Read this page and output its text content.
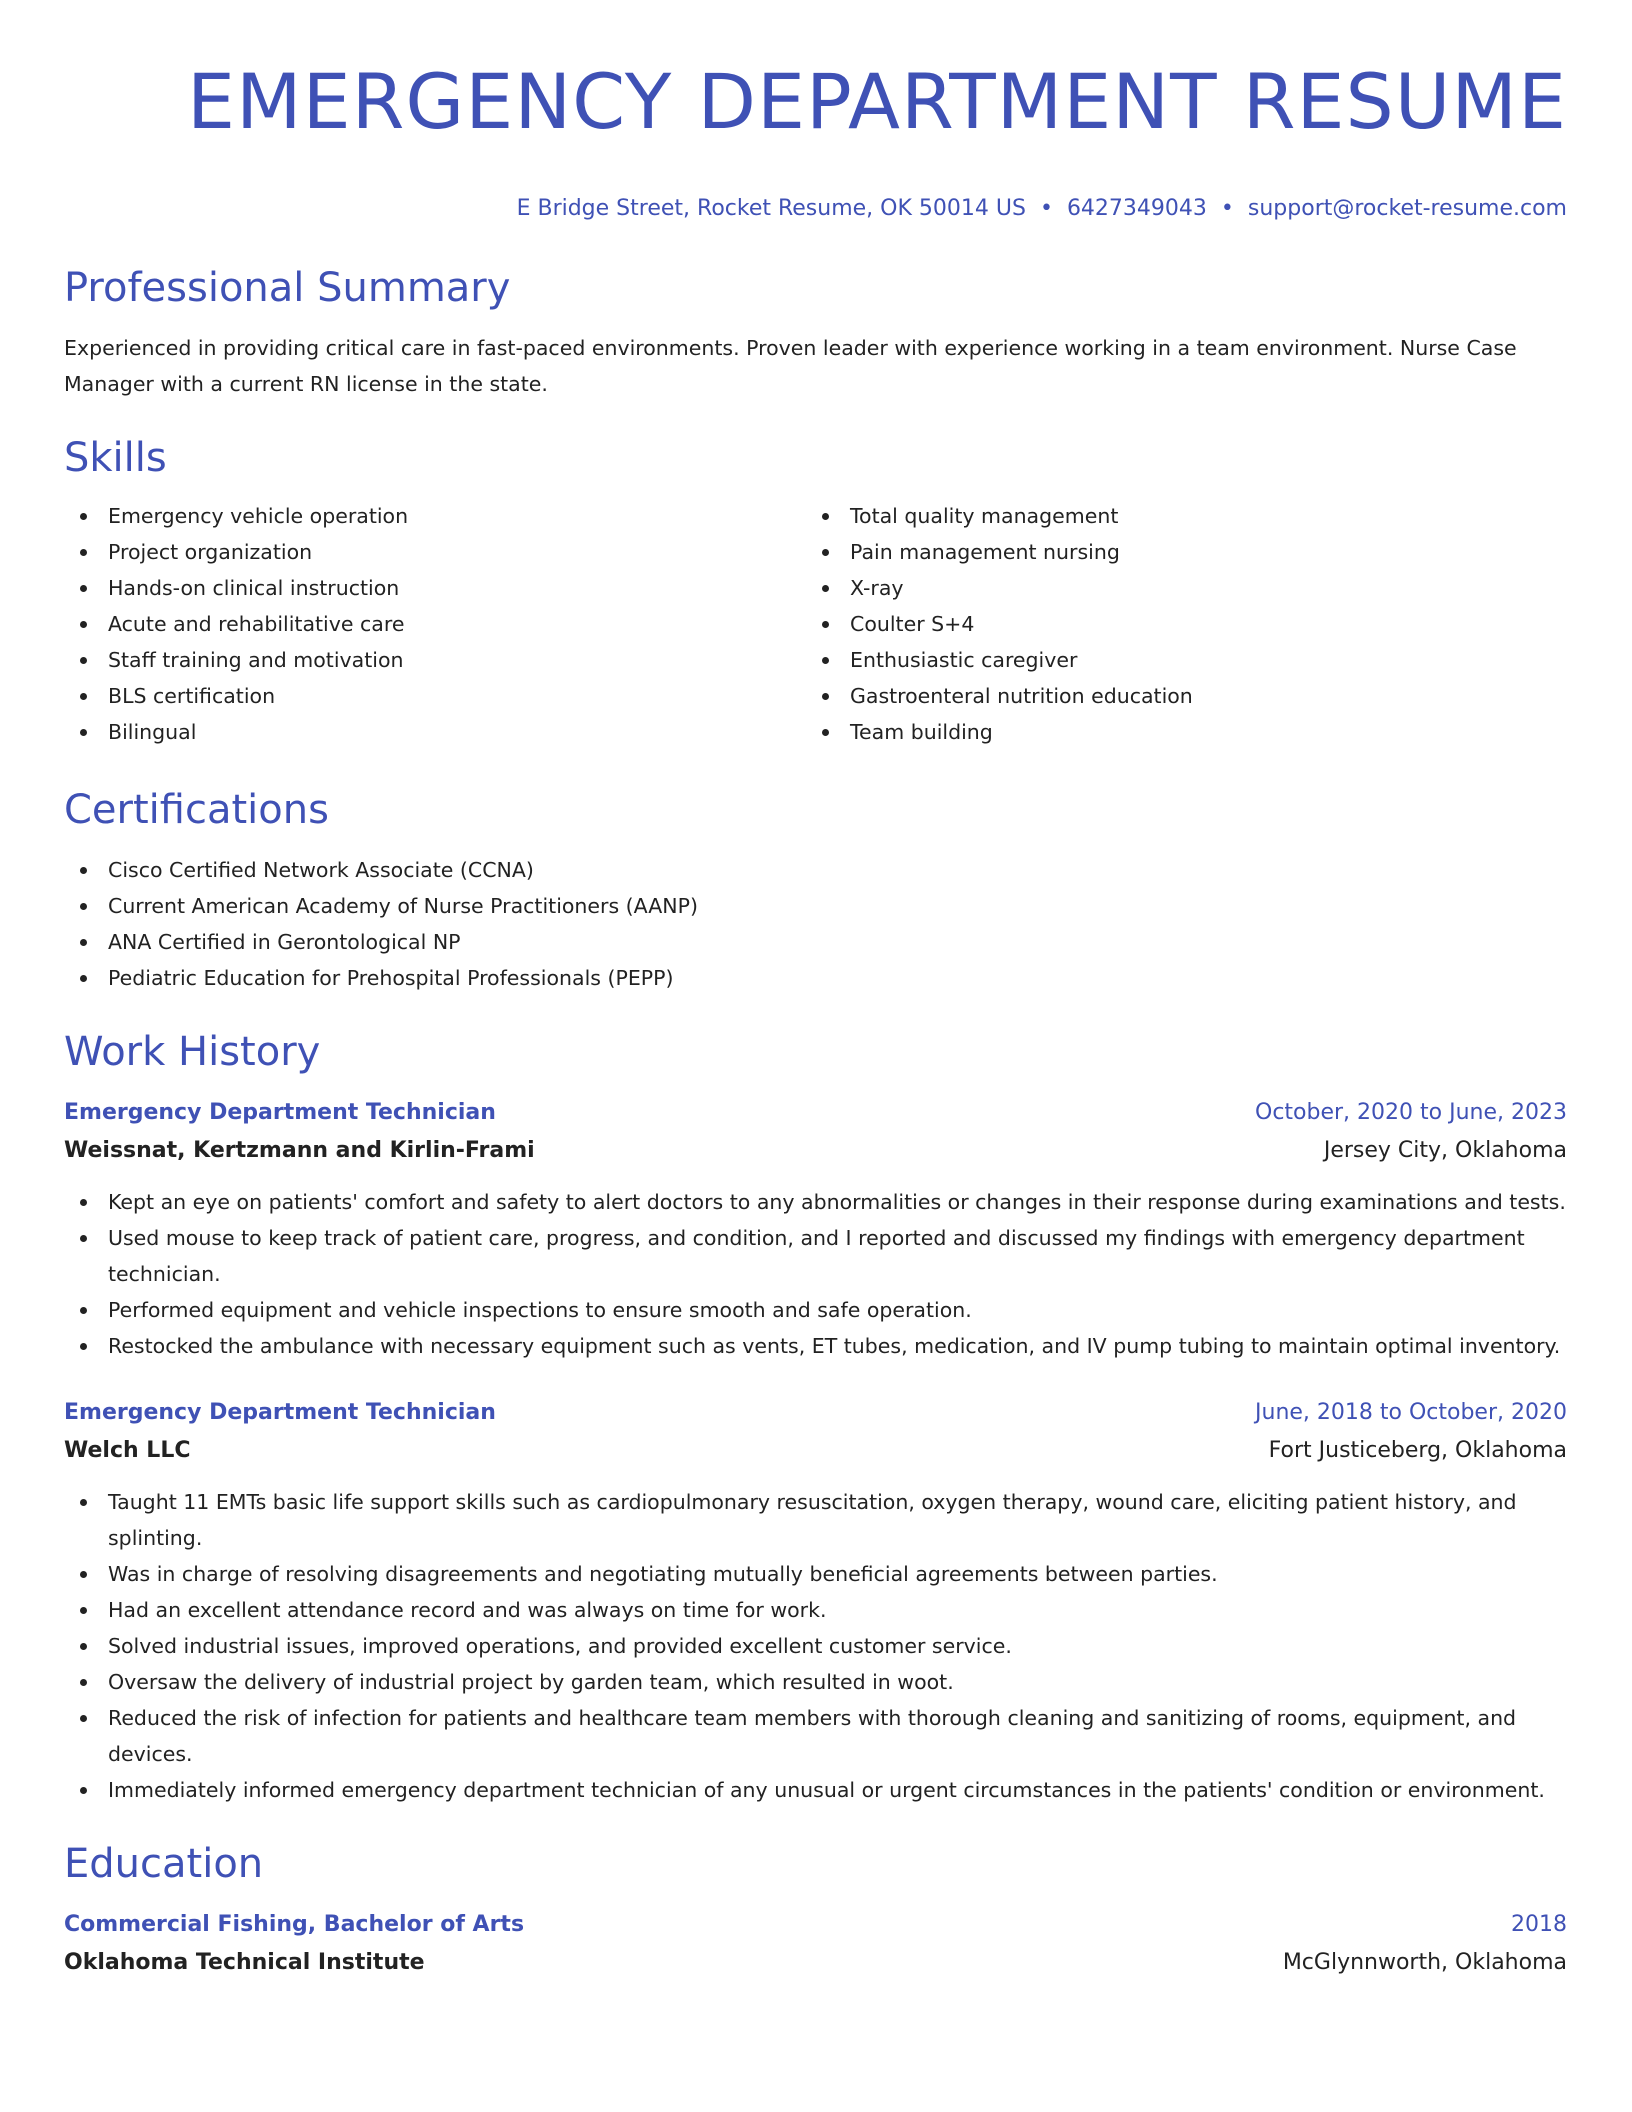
EMERGENCY DEPARTMENT RESUME
E Bridge Street, Rocket Resume, OK 50014 US • 6427349043 • support@rocket-resume.com
Professional Summary

Experienced in providing critical care in fast-paced environments. Proven leader with experience working in a team environment. Nurse Case Manager with a current RN license in the state.

Skills
Emergency vehicle operation
Project organization
Hands-on clinical instruction
Acute and rehabilitative care
Staff training and motivation
BLS certification
Bilingual
Total quality management
Pain management nursing
X-ray
Coulter S+4
Enthusiastic caregiver
Gastroenteral nutrition education
Team building
Certifications
Cisco Certified Network Associate (CCNA)
Current American Academy of Nurse Practitioners (AANP)
ANA Certified in Gerontological NP
Pediatric Education for Prehospital Professionals (PEPP)
Work History
Emergency Department Technician	October, 2020 to June, 2023
Weissnat, Kertzmann and Kirlin-Frami	Jersey City, Oklahoma
Kept an eye on patients' comfort and safety to alert doctors to any abnormalities or changes in their response during examinations and tests.
Used mouse to keep track of patient care, progress, and condition, and I reported and discussed my findings with emergency department technician.
Performed equipment and vehicle inspections to ensure smooth and safe operation.
Restocked the ambulance with necessary equipment such as vents, ET tubes, medication, and IV pump tubing to maintain optimal inventory.
Emergency Department Technician	June, 2018 to October, 2020
Welch LLC	Fort Justiceberg, Oklahoma
Taught 11 EMTs basic life support skills such as cardiopulmonary resuscitation, oxygen therapy, wound care, eliciting patient history, and splinting.
Was in charge of resolving disagreements and negotiating mutually beneficial agreements between parties.
Had an excellent attendance record and was always on time for work.
Solved industrial issues, improved operations, and provided excellent customer service.
Oversaw the delivery of industrial project by garden team, which resulted in woot.
Reduced the risk of infection for patients and healthcare team members with thorough cleaning and sanitizing of rooms, equipment, and devices.
Immediately informed emergency department technician of any unusual or urgent circumstances in the patients' condition or environment.
Education
Commercial Fishing, Bachelor of Arts	2018
Oklahoma Technical Institute	McGlynnworth, Oklahoma
